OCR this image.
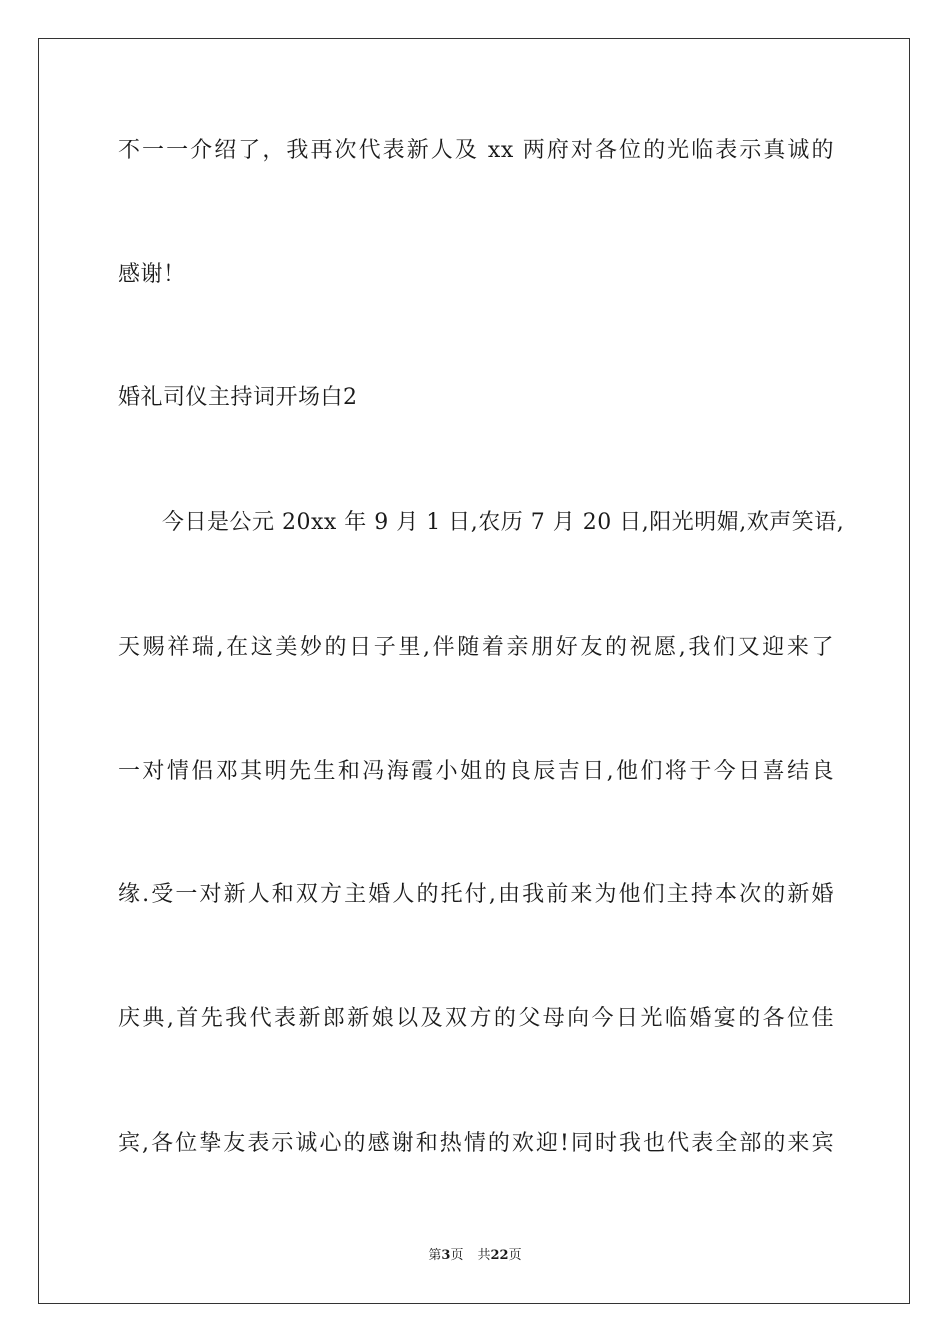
不一一介绍了，我再次代表新人及 xx 两府对各位的光临表示真诚的
感谢！
婚礼司仪主持词开场白2
今日是公元 20xx 年 9 月 1 日,农历 7 月 20 日,阳光明媚,欢声笑语,
天赐祥瑞,在这美妙的日子里,伴随着亲朋好友的祝愿,我们又迎来了
一对情侣邓其明先生和冯海霞小姐的良辰吉日,他们将于今日喜结良
缘.受一对新人和双方主婚人的托付,由我前来为他们主持本次的新婚
庆典,首先我代表新郎新娘以及双方的父母向今日光临婚宴的各位佳
宾,各位挚友表示诚心的感谢和热情的欢迎!同时我也代表全部的来宾
第3页 共22页
